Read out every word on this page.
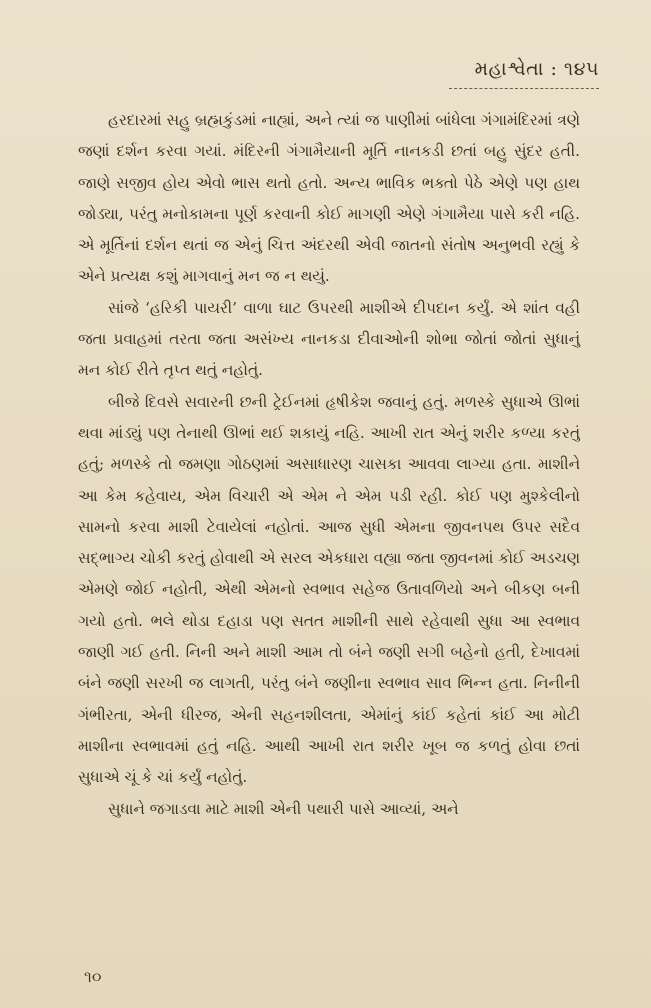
મહાશ્વેતા : ૧૪૫

હરદારમાં સહુ બ્રહ્મકુંડમાં નાહ્યાં, અને ત્યાં જ પાણીમાં બાંધેલા ગંગામંદિરમાં ત્રણે જણાં દર્શન કરવા ગયાં. મંદિરની ગંગામૈયાની મૂર્તિ નાનકડી છતાં બહુ સુંદર હતી. જાણે સજીવ હોય એવો ભાસ થતો હતો. અન્ય ભાવિક ભક્તો પેઠે એણે પણ હાથ જોડ્યા, પરંતુ મનોકામના પૂર્ણ કરવાની કોઈ માગણી એણે ગંગામૈયા પાસે કરી નહિ. એ મૂર્તિનાં દર્શન થતાં જ એનું ચિત્ત અંદરથી એવી જાતનો સંતોષ અનુભવી રહ્યું કે એને પ્રત્યક્ષ કશું માગવાનું મન જ ન થયું.

સાંજે ‘હરિકી પાયરી’ વાળા ઘાટ ઉપરથી માશીએ દીપદાન કર્યું. એ શાંત વહી જતા પ્રવાહમાં તરતા જતા અસંખ્ય નાનકડા દીવાઓની શોભા જોતાં જોતાં સુધાનું મન કોઈ રીતે તૃપ્ત થતું નહોતું.

બીજે દિવસે સવારની છની ટ્રેઈનમાં હૃષીકેશ જવાનું હતું. મળસ્કે સુધાએ ઊભાં થવા માંડ્યું પણ તેનાથી ઊભાં થઈ શકાયું નહિ. આખી રાત એનું શરીર કળ્યા કરતું હતું; મળસ્કે તો જમણા ગોઠણમાં અસાધારણ ચાસકા આવવા લાગ્યા હતા. માશીને આ કેમ કહેવાય, એમ વિચારી એ એમ ને એમ પડી રહી. કોઈ પણ મુશ્કેલીનો સામનો કરવા માશી ટેવાયેલાં નહોતાં. આજ સુધી એમના જીવનપથ ઉપર સદૈવ સદ્ભાગ્ય ચોકી કરતું હોવાથી એ સરલ એકધારા વહ્યા જતા જીવનમાં કોઈ અડચણ એમણે જોઈ નહોતી, એથી એમનો સ્વભાવ સહેજ ઉતાવળિયો અને બીકણ બની ગયો હતો. ભલે થોડા દહાડા પણ સતત માશીની સાથે રહેવાથી સુધા આ સ્વભાવ જાણી ગઈ હતી. નિની અને માશી આમ તો બંને જણી સગી બહેનો હતી, દેખાવમાં બંને જણી સરખી જ લાગતી, પરંતુ બંને જણીના સ્વભાવ સાવ ભિન્ન હતા. નિનીની ગંભીરતા, એની ધીરજ, એની સહનશીલતા, એમાંનું કાંઈ કહેતાં કાંઈ આ મોટી માશીના સ્વભાવમાં હતું નહિ. આથી આખી રાત શરીર ખૂબ જ કળતું હોવા છતાં સુધાએ ચૂં કે ચાં કર્યું નહોતું.

સુધાને જગાડવા માટે માશી એની પથારી પાસે આવ્યાં, અને

૧૦
